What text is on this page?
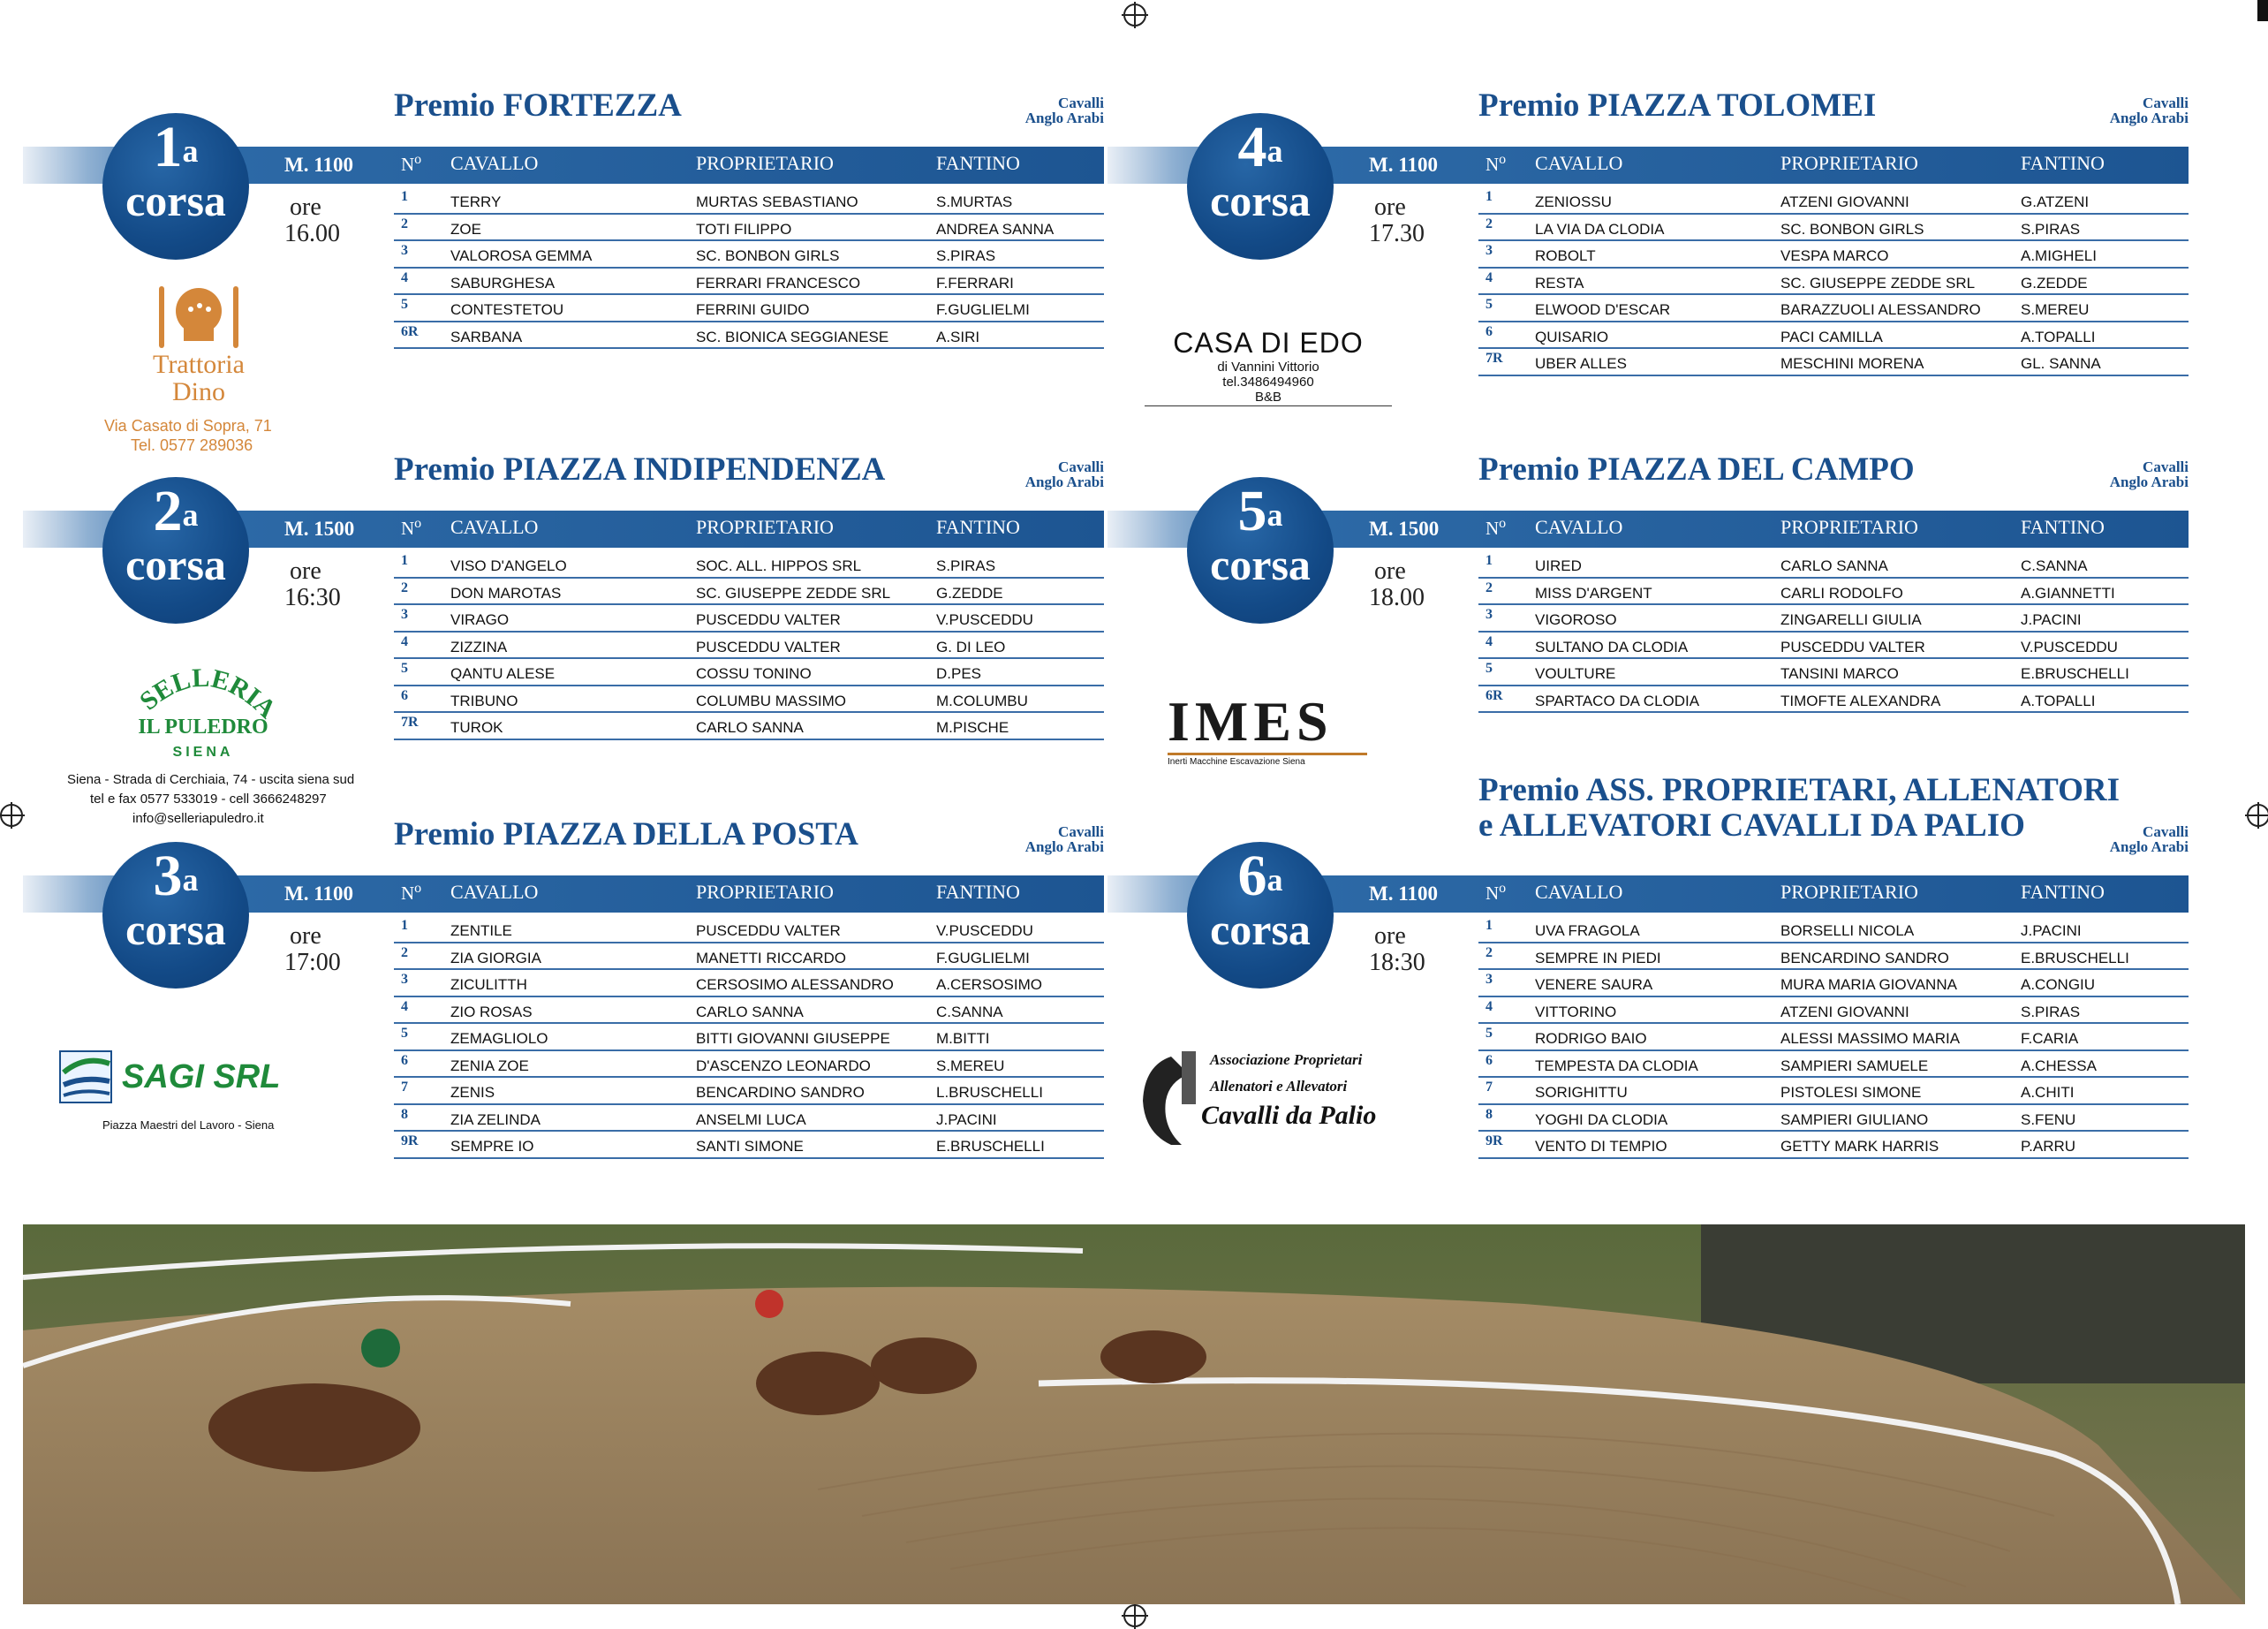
1$^a$
corsa
M. 1100
ore
16.00
Premio FORTEZZA	Cavalli
Anglo Arabi
$N^o$ CAVALLO	PROPRIETARIO	FANTINO
1	TERRY	MURTAS SEBASTIANO	S.MURTAS
2	ZOE	TOTI FILIPPO	ANDREA SANNA
3	VALOROSA GEMMA	SC. BONBON GIRLS	S.PIRAS
4	SABURGHESA	FERRARI FRANCESCO	F.FERRARI
5	CONTESTETOU	FERRINI GUIDO	F.GUGLIELMI
6R SARBANA	SC. BIONICA SEGGIANESE	A.SIRI
4$^a$
corsa
M. 1100
ore
17.30
Premio PIAZZA TOLOMEI	Cavalli
Anglo Arabi
$N^o$ CAVALLO	PROPRIETARIO	FANTINO
1	ZENIOSSU	ATZENI GIOVANNI	G.ATZENI
2	LA VIA DA CLODIA	SC. BONBON GIRLS	S.PIRAS
3	ROBOLT	VESPA MARCO	A.MIGHELI
4	RESTA	SC. GIUSEPPE ZEDDE SRL	G.ZEDDE
5	ELWOOD D'ESCAR	BARAZZUOLI ALESSANDRO	S.MEREU
6	QUISARIO	PACI CAMILLA	A.TOPALLI
7R UBER ALLES	MESCHINI MORENA	GL. SANNA
2$^a$
corsa
M. 1500
ore
16:30
Premio PIAZZA INDIPENDENZA	Cavalli
Anglo Arabi
$N^o$ CAVALLO	PROPRIETARIO	FANTINO
1	VISO D'ANGELO	SOC. ALL. HIPPOS SRL	S.PIRAS
2	DON MAROTAS	SC. GIUSEPPE ZEDDE SRL	G.ZEDDE
3	VIRAGO	PUSCEDDU VALTER	V.PUSCEDDU
4	ZIZZINA	PUSCEDDU VALTER	G. DI LEO
5	QANTU ALESE	COSSU TONINO	D.PES
6	TRIBUNO	COLUMBU MASSIMO	M.COLUMBU
7R TUROK	CARLO SANNA	M.PISCHE
5$^a$
corsa
M. 1500
ore
18.00
Premio PIAZZA DEL CAMPO	Cavalli
Anglo Arabi
$N^o$ CAVALLO	PROPRIETARIO	FANTINO
1	UIRED	CARLO SANNA	C.SANNA
2	MISS D'ARGENT	CARLI RODOLFO	A.GIANNETTI
3	VIGOROSO	ZINGARELLI GIULIA	J.PACINI
4	SULTANO DA CLODIA	PUSCEDDU VALTER	V.PUSCEDDU
5	VOULTURE	TANSINI MARCO	E.BRUSCHELLI
6R SPARTACO DA CLODIA	TIMOFTE ALEXANDRA	A.TOPALLI
3$^a$
corsa
M. 1100
ore
17:00
Premio PIAZZA DELLA POSTA	Cavalli
Anglo Arabi
$N^o$ CAVALLO	PROPRIETARIO	FANTINO
1	ZENTILE	PUSCEDDU VALTER	V.PUSCEDDU
2	ZIA GIORGIA	MANETTI RICCARDO	F.GUGLIELMI
3	ZICULITTH	CERSOSIMO ALESSANDRO	A.CERSOSIMO
4	ZIO ROSAS	CARLO SANNA	C.SANNA
5	ZEMAGLIOLO	BITTI GIOVANNI GIUSEPPE	M.BITTI
6	ZENIA ZOE	D'ASCENZO LEONARDO	S.MEREU
7	ZENIS	BENCARDINO SANDRO	L.BRUSCHELLI
8	ZIA ZELINDA	ANSELMI LUCA	J.PACINI
9R SEMPRE IO	SANTI SIMONE	E.BRUSCHELLI
6$^a$
corsa
M. 1100
ore
18:30
Premio ASS. PROPRIETARI, ALLENATORI
e ALLEVATORI CAVALLI DA PALIO	Cavalli
Anglo Arabi
$N^o$ CAVALLO	PROPRIETARIO	FANTINO
1	UVA FRAGOLA	BORSELLI NICOLA	J.PACINI
2	SEMPRE IN PIEDI	BENCARDINO SANDRO	E.BRUSCHELLI
3	VENERE SAURA	MURA MARIA GIOVANNA	A.CONGIU
4	VITTORINO	ATZENI GIOVANNI	S.PIRAS
5	RODRIGO BAIO	ALESSI MASSIMO MARIA	F.CARIA
6	TEMPESTA DA CLODIA	SAMPIERI SAMUELE	A.CHESSA
7	SORIGHITTU	PISTOLESI SIMONE	A.CHITI
8	YOGHI DA CLODIA	SAMPIERI GIULIANO	S.FENU
9R VENTO DI TEMPIO	GETTY MARK HARRIS	P.ARRU
Trattoria
Dino
Via Casato di Sopra, 71
Tel. 0577 289036
CASA DI EDO
di Vannini Vittorio
tel.3486494960
B&B
SELLERI
IL PULEDRO
SIENA
Siena - Strada di Cerchiaia, 74 - uscita siena sud
tel e fax 0577 533019 - cell 3666248297
info@selleriapuledro.it
IMES
Inerti Macchine Escavazione Siena
SAGI SRL
Piazza Maestri del Lavoro - Siena
Associazione Proprietari
Allenatori e Allevatori
Cavalli da Palio
